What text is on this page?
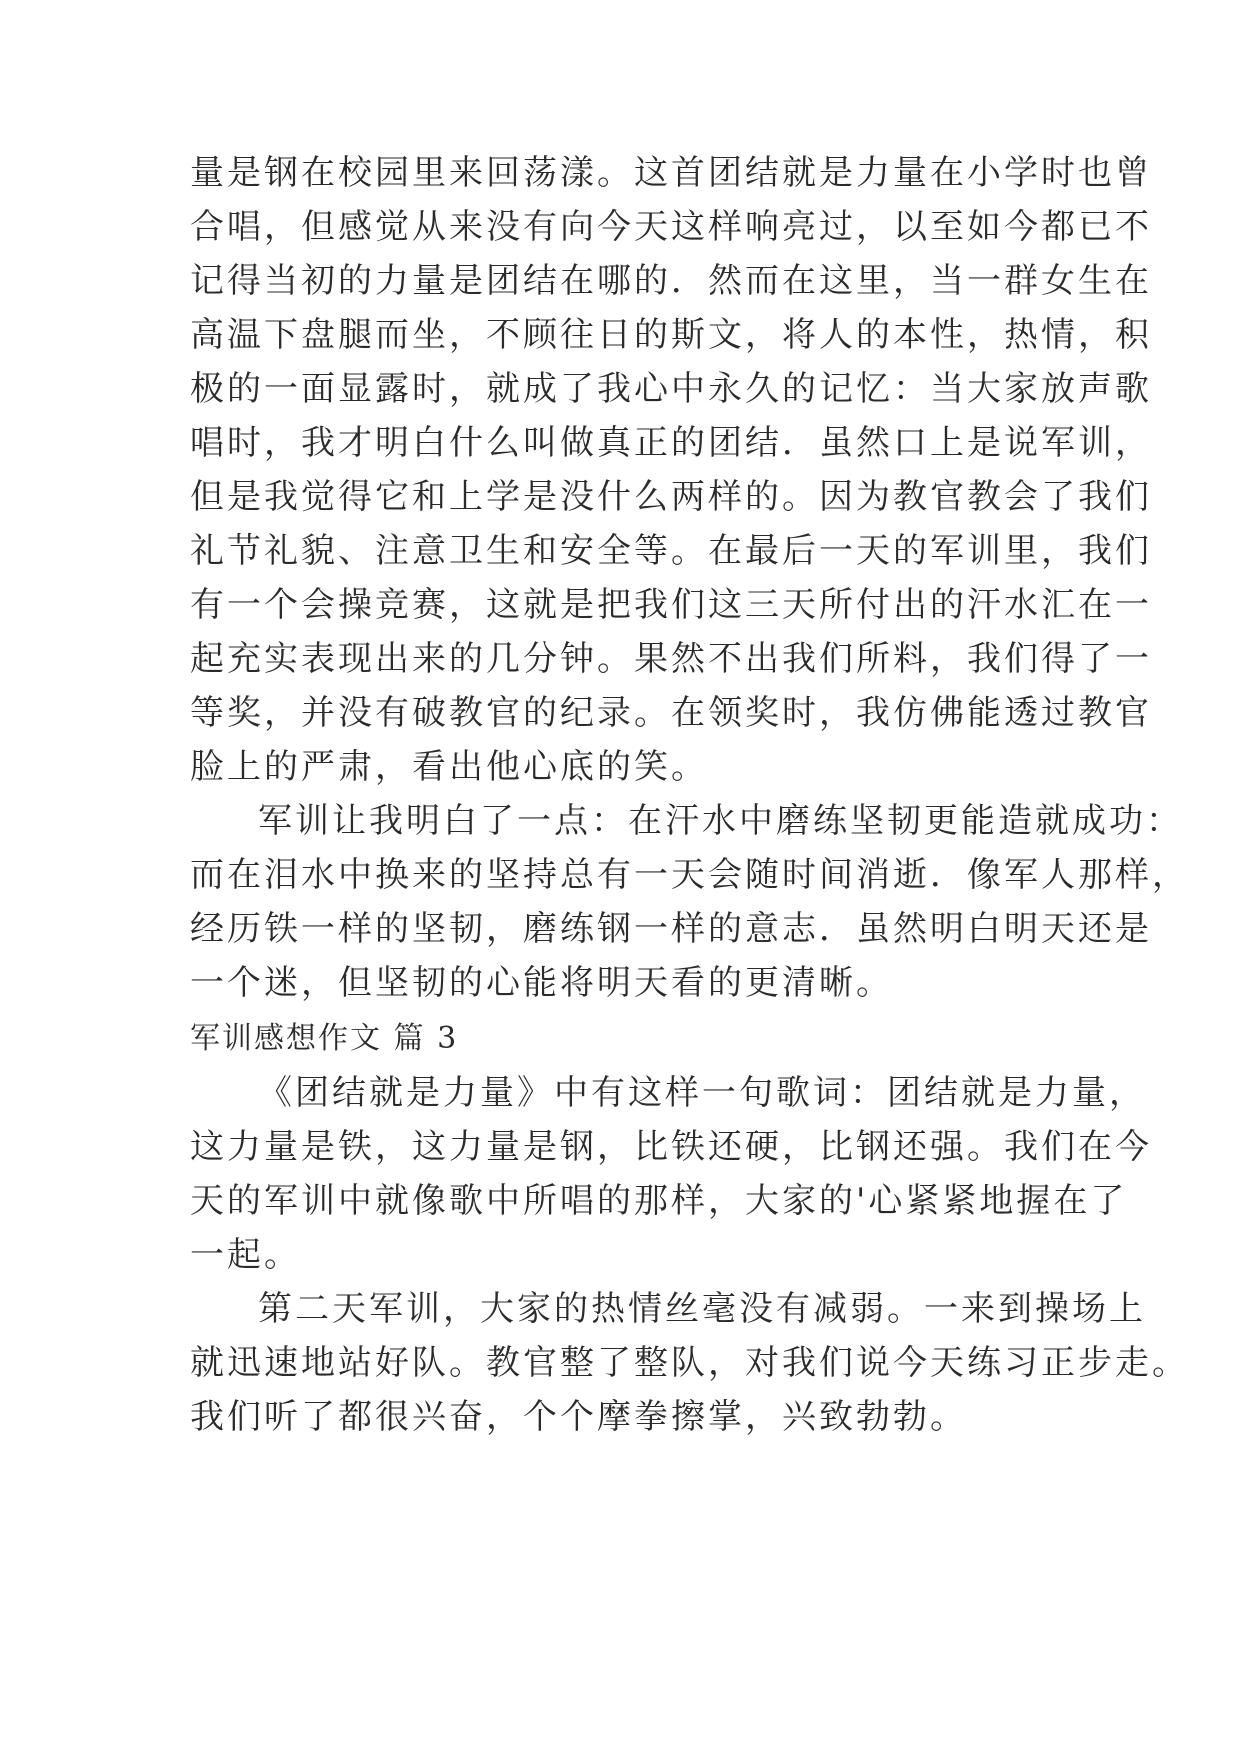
量是钢在校园里来回荡漾。这首团结就是力量在小学时也曾
合唱，但感觉从来没有向今天这样响亮过，以至如今都已不
记得当初的力量是团结在哪的．然而在这里，当一群女生在
高温下盘腿而坐，不顾往日的斯文，将人的本性，热情，积
极的一面显露时，就成了我心中永久的记忆：当大家放声歌
唱时，我才明白什么叫做真正的团结．虽然口上是说军训，
但是我觉得它和上学是没什么两样的。因为教官教会了我们
礼节礼貌、注意卫生和安全等。在最后一天的军训里，我们
有一个会操竞赛，这就是把我们这三天所付出的汗水汇在一
起充实表现出来的几分钟。果然不出我们所料，我们得了一
等奖，并没有破教官的纪录。在领奖时，我仿佛能透过教官
脸上的严肃，看出他心底的笑。
军训让我明白了一点：在汗水中磨练坚韧更能造就成功：
而在泪水中换来的坚持总有一天会随时间消逝．像军人那样，
经历铁一样的坚韧，磨练钢一样的意志．虽然明白明天还是
一个迷，但坚韧的心能将明天看的更清晰。
军训感想作文 篇 3
《团结就是力量》中有这样一句歌词：团结就是力量，
这力量是铁，这力量是钢，比铁还硬，比钢还强。我们在今
天的军训中就像歌中所唱的那样，大家的'心紧紧地握在了
一起。
第二天军训，大家的热情丝毫没有减弱。一来到操场上
就迅速地站好队。教官整了整队，对我们说今天练习正步走。
我们听了都很兴奋，个个摩拳擦掌，兴致勃勃。
